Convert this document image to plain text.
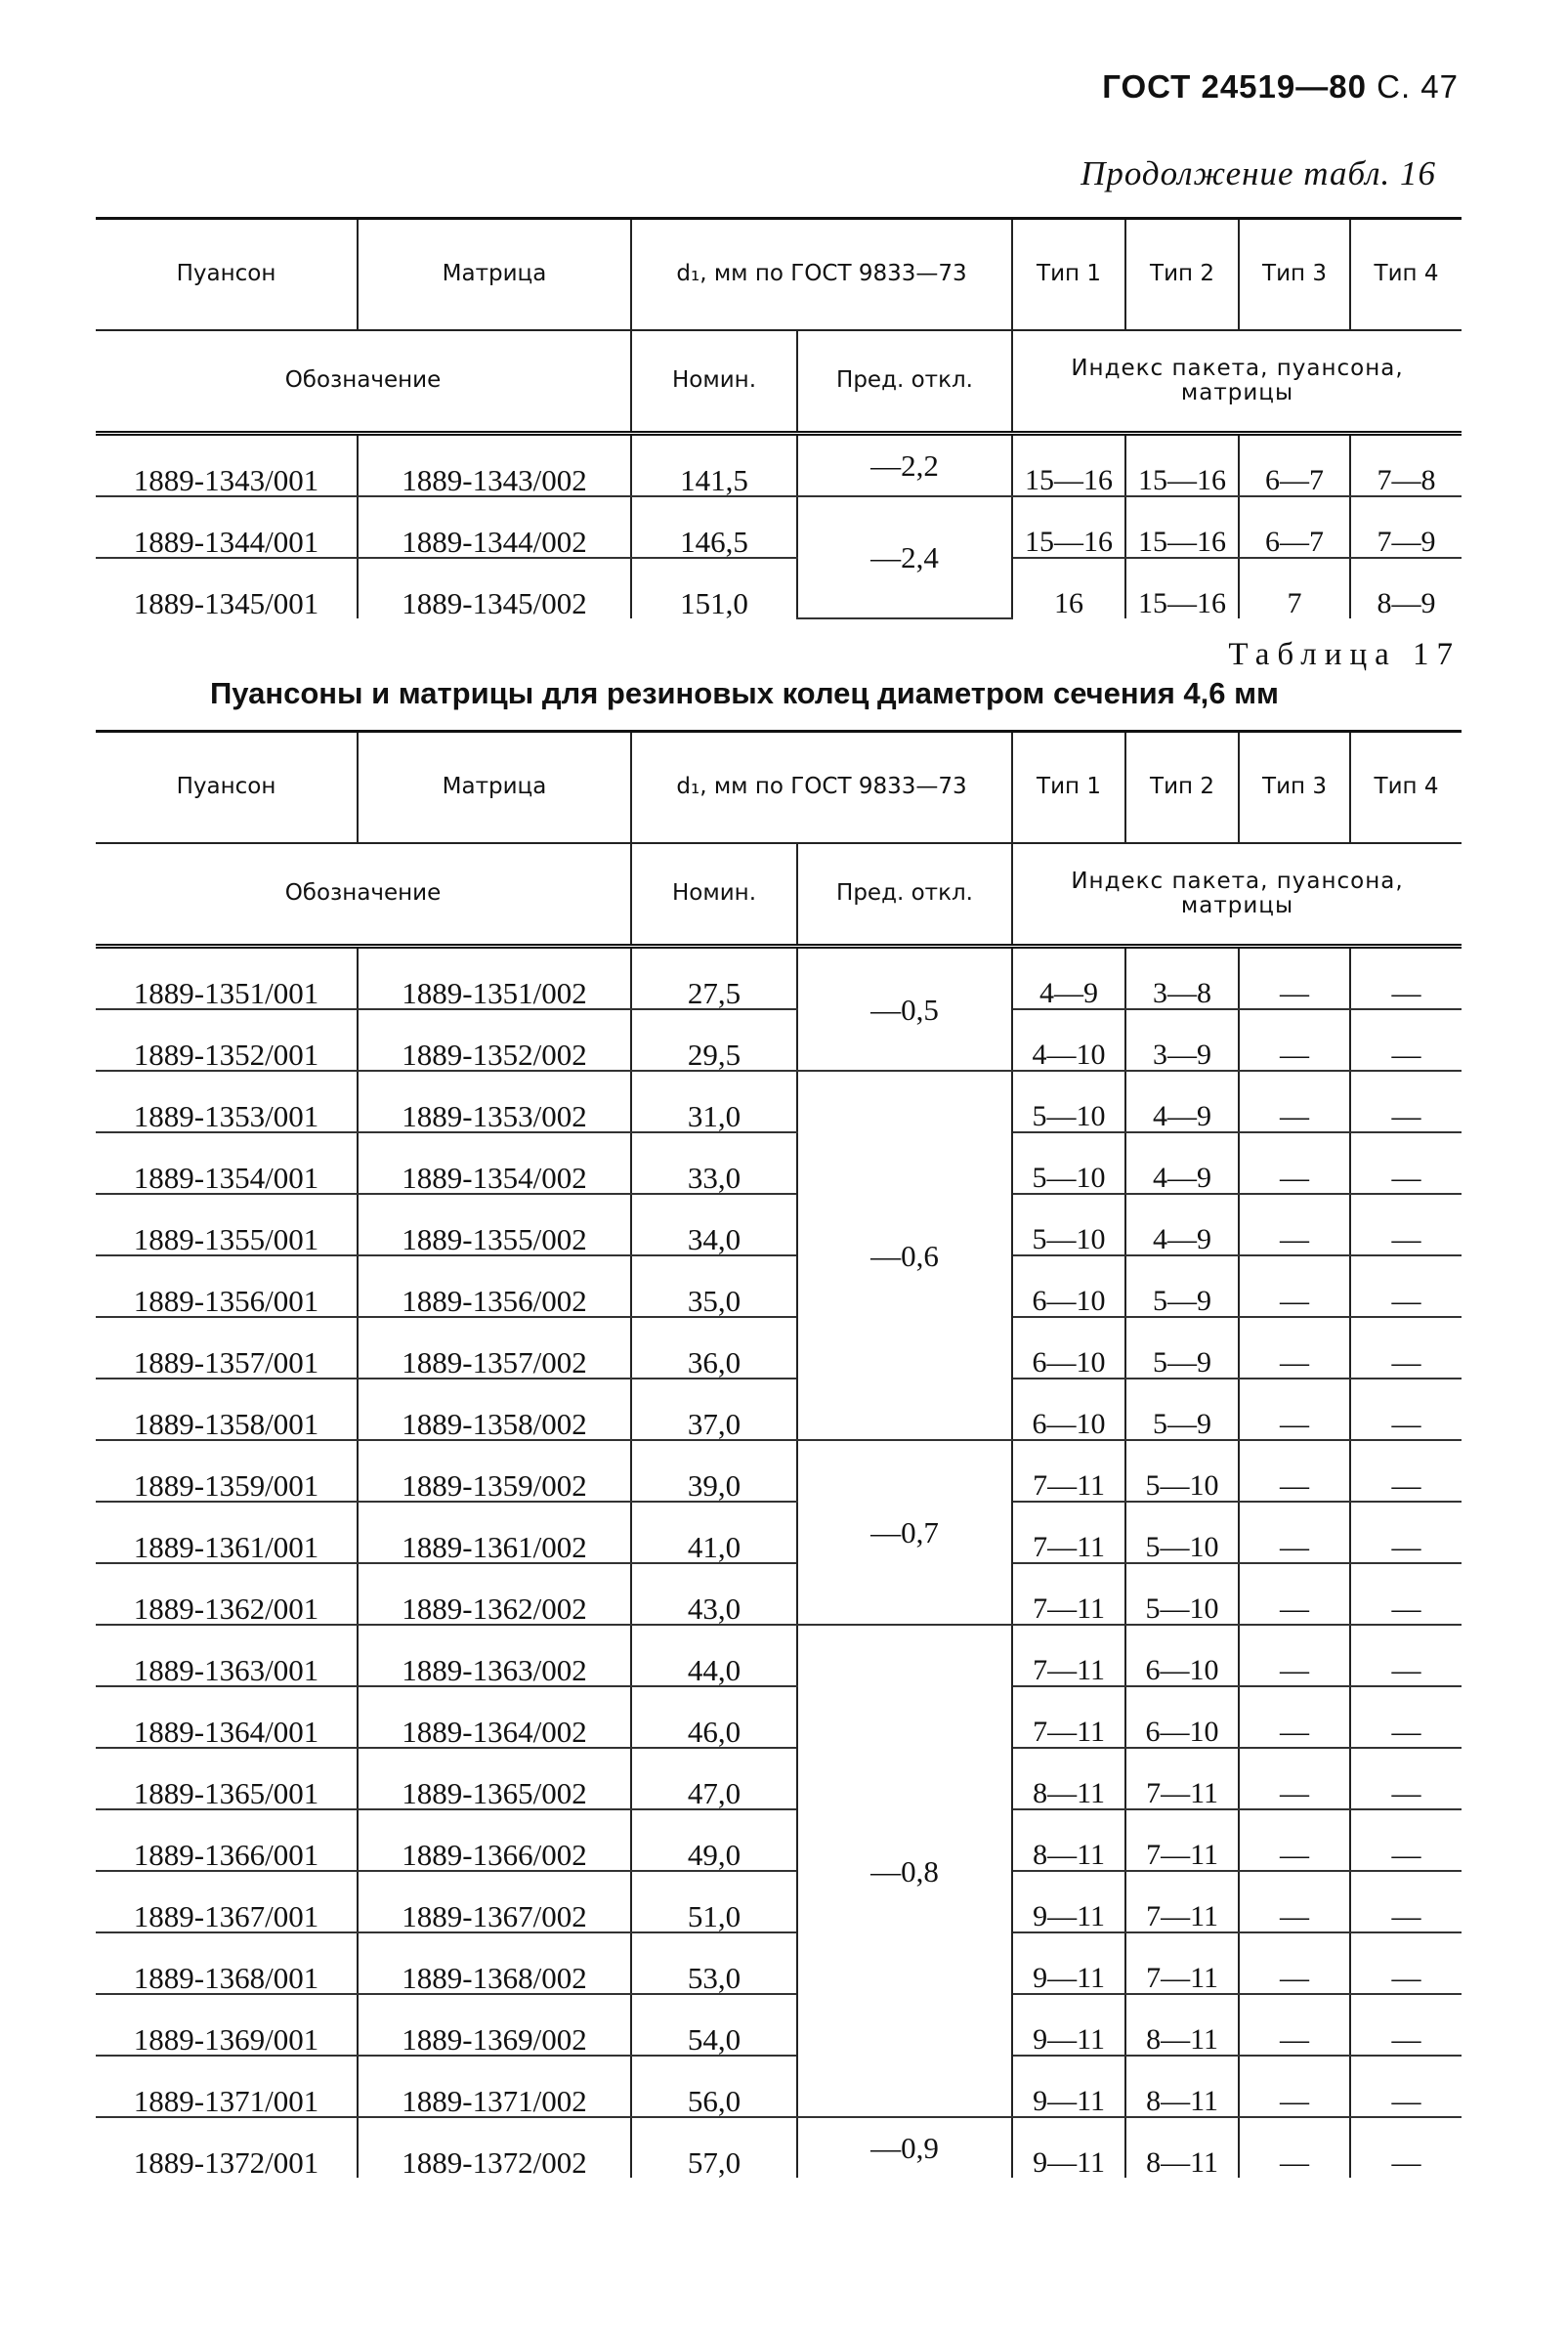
ГОСТ 24519—80 С. 47
Продолжение табл. 16
Пуансон	Матрица	d₁, мм по ГОСТ 9833—73		Тип 1	Тип 2	Тип 3	Тип 4
Обозначение		Номин.	Пред. откл.	Индекс пакета, пуансона, матрицы			
1889-1343/001	1889-1343/002	141,5	—2,2	15—16	15—16	6—7	7—8
1889-1344/001	1889-1344/002	146,5	—2,4	15—16	15—16	6—7	7—9
1889-1345/001	1889-1345/002	151,0		16	15—16	7	8—9
Таблица 17
Пуансоны и матрицы для резиновых колец диаметром сечения 4,6 мм
Пуансон	Матрица	d₁, мм по ГОСТ 9833—73		Тип 1	Тип 2	Тип 3	Тип 4
Обозначение		Номин.	Пред. откл.	Индекс пакета, пуансона, матрицы			
1889-1351/001	1889-1351/002	27,5	—0,5	4—9	3—8	—	—
1889-1352/001	1889-1352/002	29,5		4—10	3—9	—	—
1889-1353/001	1889-1353/002	31,0	—0,6	5—10	4—9	—	—
1889-1354/001	1889-1354/002	33,0		5—10	4—9	—	—
1889-1355/001	1889-1355/002	34,0		5—10	4—9	—	—
1889-1356/001	1889-1356/002	35,0		6—10	5—9	—	—
1889-1357/001	1889-1357/002	36,0		6—10	5—9	—	—
1889-1358/001	1889-1358/002	37,0		6—10	5—9	—	—
1889-1359/001	1889-1359/002	39,0	—0,7	7—11	5—10	—	—
1889-1361/001	1889-1361/002	41,0		7—11	5—10	—	—
1889-1362/001	1889-1362/002	43,0		7—11	5—10	—	—
1889-1363/001	1889-1363/002	44,0	—0,8	7—11	6—10	—	—
1889-1364/001	1889-1364/002	46,0		7—11	6—10	—	—
1889-1365/001	1889-1365/002	47,0		8—11	7—11	—	—
1889-1366/001	1889-1366/002	49,0		8—11	7—11	—	—
1889-1367/001	1889-1367/002	51,0		9—11	7—11	—	—
1889-1368/001	1889-1368/002	53,0		9—11	7—11	—	—
1889-1369/001	1889-1369/002	54,0		9—11	8—11	—	—
1889-1371/001	1889-1371/002	56,0		9—11	8—11	—	—
1889-1372/001	1889-1372/002	57,0	—0,9	9—11	8—11	—	—
